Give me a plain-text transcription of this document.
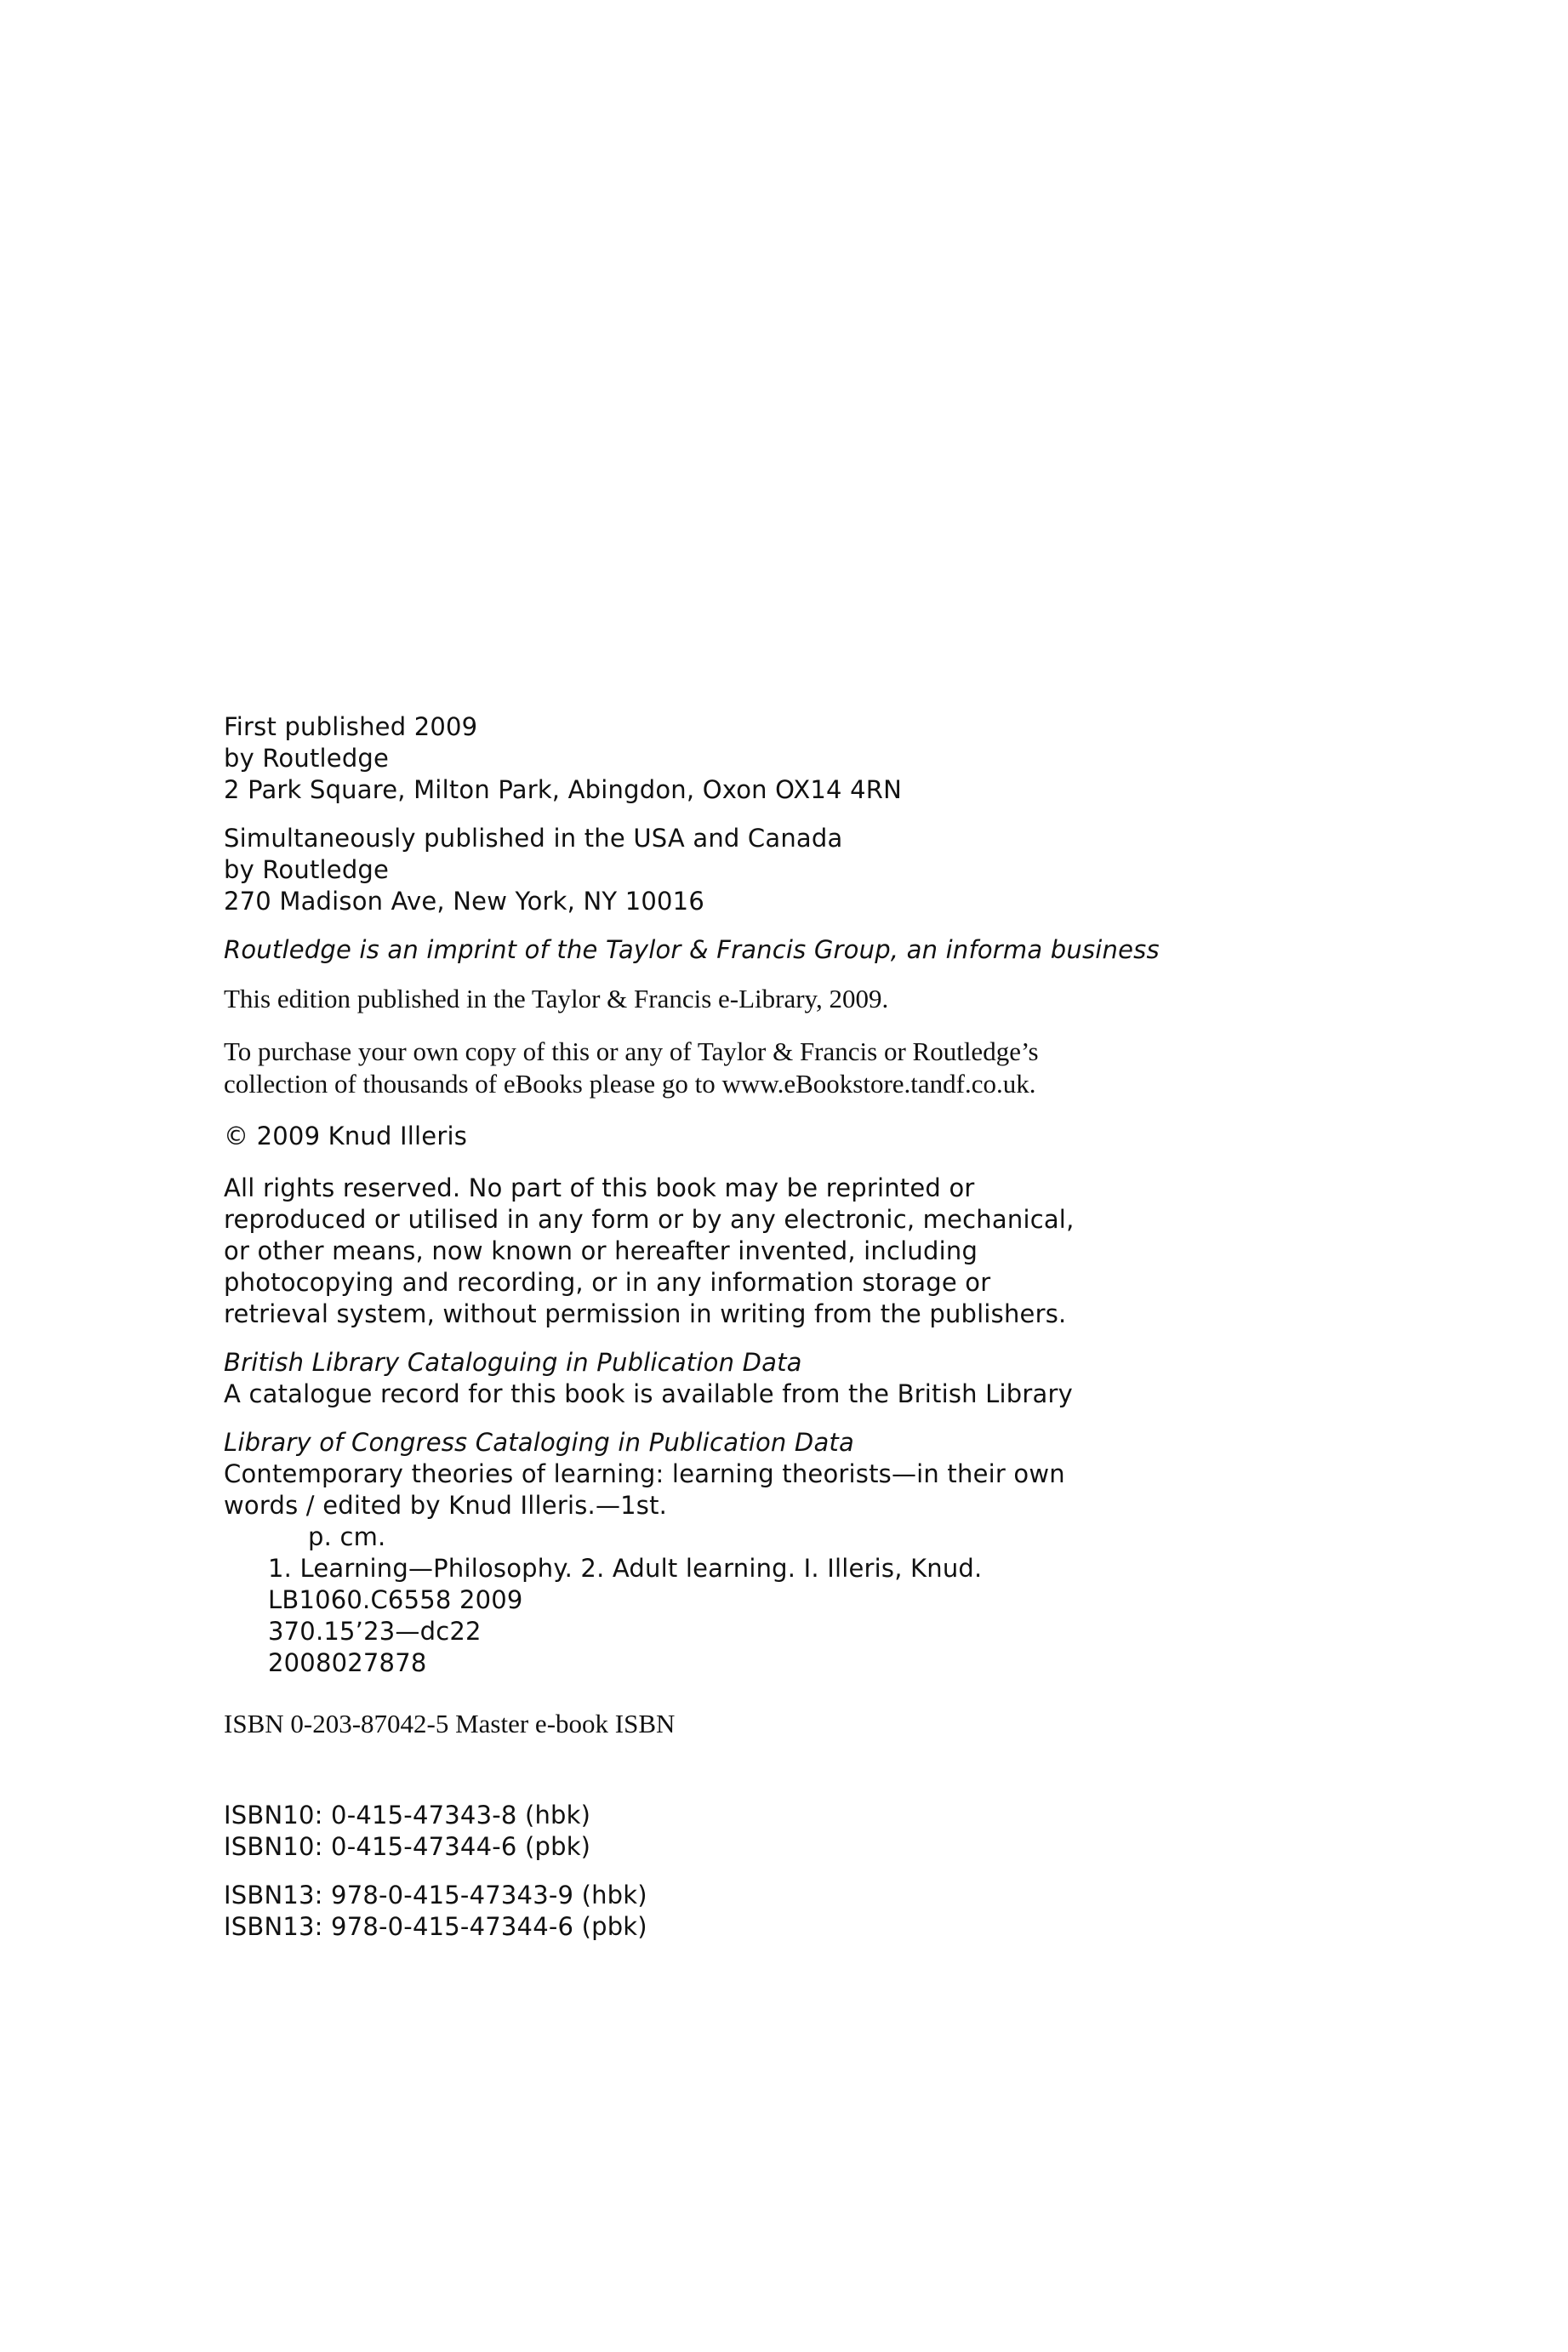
First published 2009
by Routledge
2 Park Square, Milton Park, Abingdon, Oxon OX14 4RN
Simultaneously published in the USA and Canada
by Routledge
270 Madison Ave, New York, NY 10016
Routledge is an imprint of the Taylor & Francis Group, an informa business
This edition published in the Taylor & Francis e-Library, 2009.
To purchase your own copy of this or any of Taylor & Francis or Routledge’s
collection of thousands of eBooks please go to www.eBookstore.tandf.co.uk.
© 2009 Knud Illeris
All rights reserved. No part of this book may be reprinted or
reproduced or utilised in any form or by any electronic, mechanical,
or other means, now known or hereafter invented, including
photocopying and recording, or in any information storage or
retrieval system, without permission in writing from the publishers.
British Library Cataloguing in Publication Data
A catalogue record for this book is available from the British Library
Library of Congress Cataloging in Publication Data
Contemporary theories of learning: learning theorists—in their own
words / edited by Knud Illeris.—1st.
p. cm.
1. Learning—Philosophy. 2. Adult learning. I. Illeris, Knud.
LB1060.C6558 2009
370.15’23—dc22
2008027878
ISBN 0-203-87042-5 Master e-book ISBN
ISBN10: 0-415-47343-8 (hbk)
ISBN10: 0-415-47344-6 (pbk)
ISBN13: 978-0-415-47343-9 (hbk)
ISBN13: 978-0-415-47344-6 (pbk)
